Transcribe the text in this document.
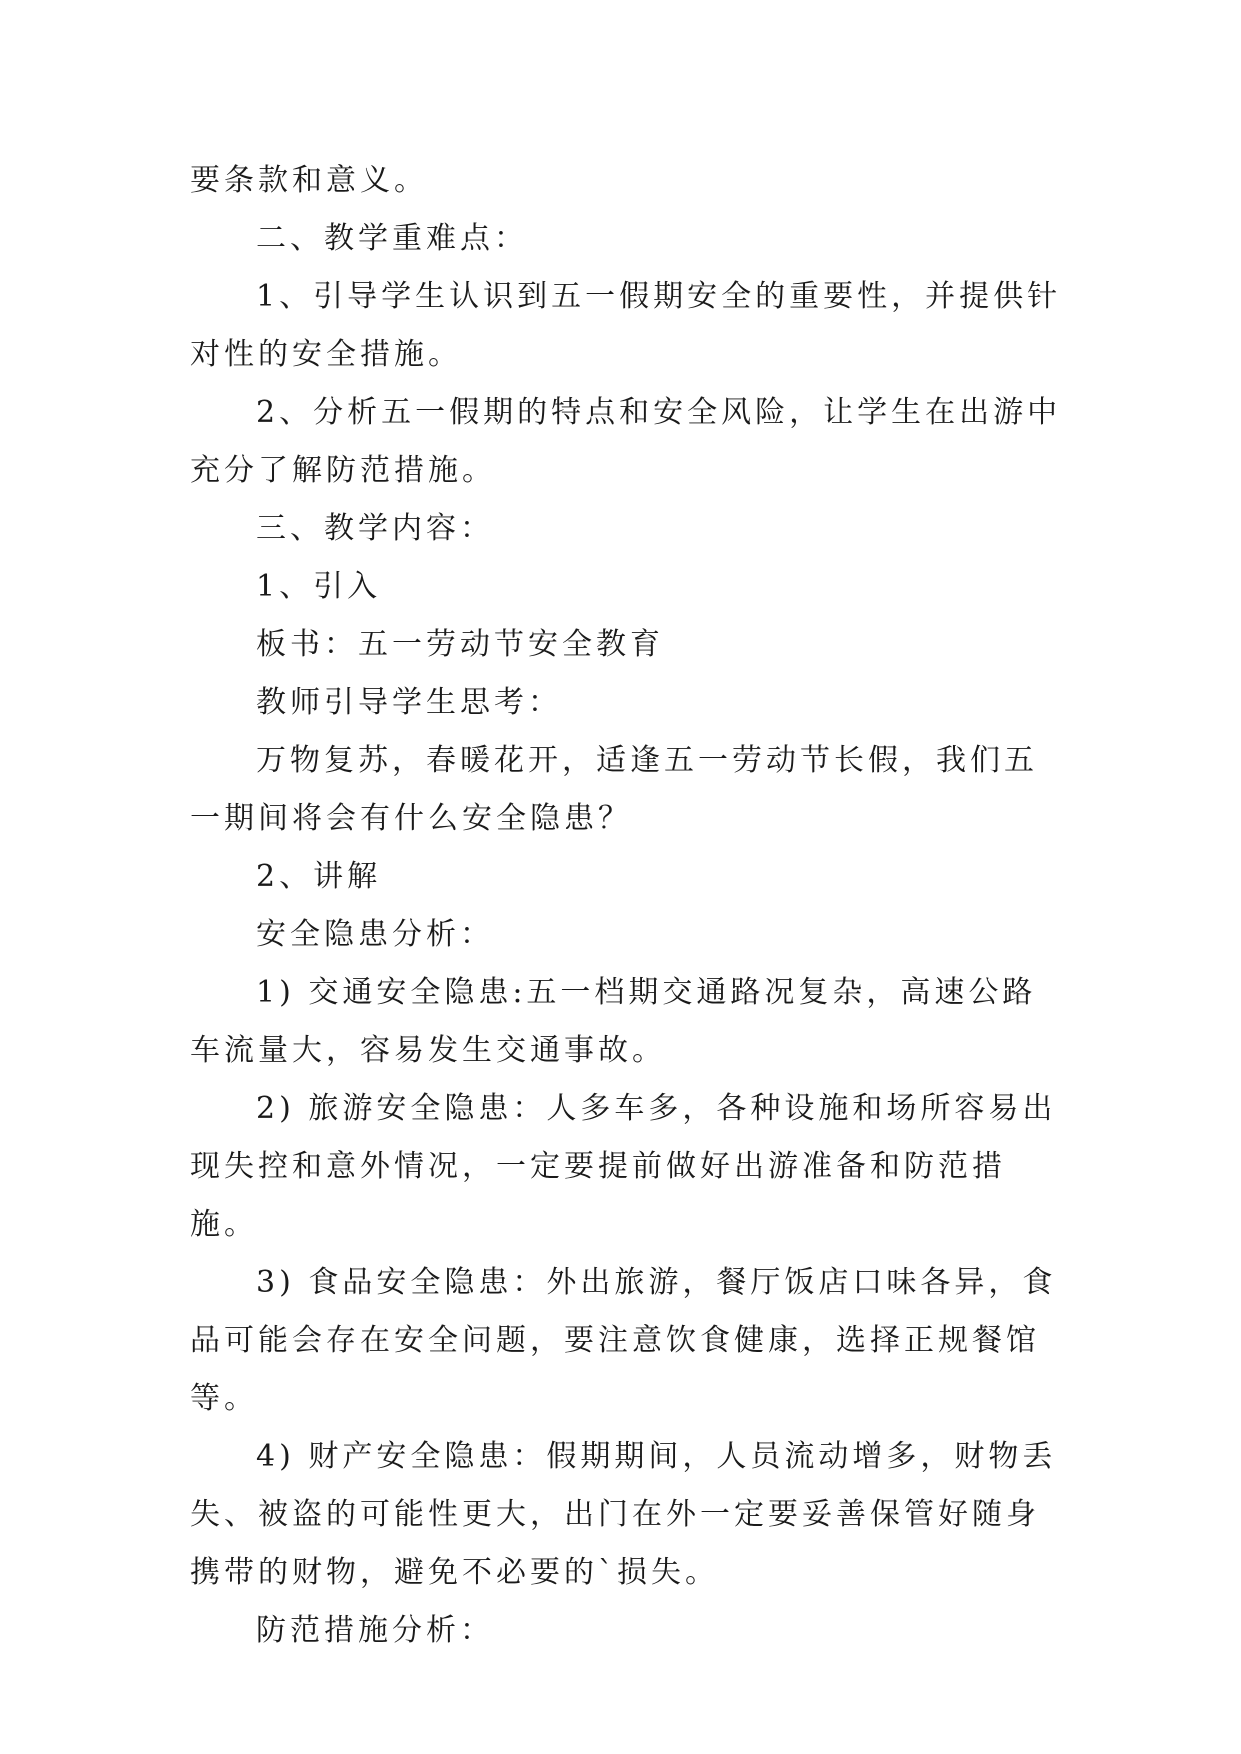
要条款和意义。

二、教学重难点：

1、引导学生认识到五一假期安全的重要性，并提供针对性的安全措施。

2、分析五一假期的特点和安全风险，让学生在出游中充分了解防范措施。

三、教学内容：

1、引入

板书：五一劳动节安全教育

教师引导学生思考：

万物复苏，春暖花开，适逢五一劳动节长假，我们五一期间将会有什么安全隐患？

2、讲解

安全隐患分析：

1) 交通安全隐患:五一档期交通路况复杂，高速公路车流量大，容易发生交通事故。

2) 旅游安全隐患：人多车多，各种设施和场所容易出现失控和意外情况，一定要提前做好出游准备和防范措施。

3) 食品安全隐患：外出旅游，餐厅饭店口味各异，食品可能会存在安全问题，要注意饮食健康，选择正规餐馆等。

4) 财产安全隐患：假期期间，人员流动增多，财物丢失、被盗的可能性更大，出门在外一定要妥善保管好随身携带的财物，避免不必要的`损失。

防范措施分析：
